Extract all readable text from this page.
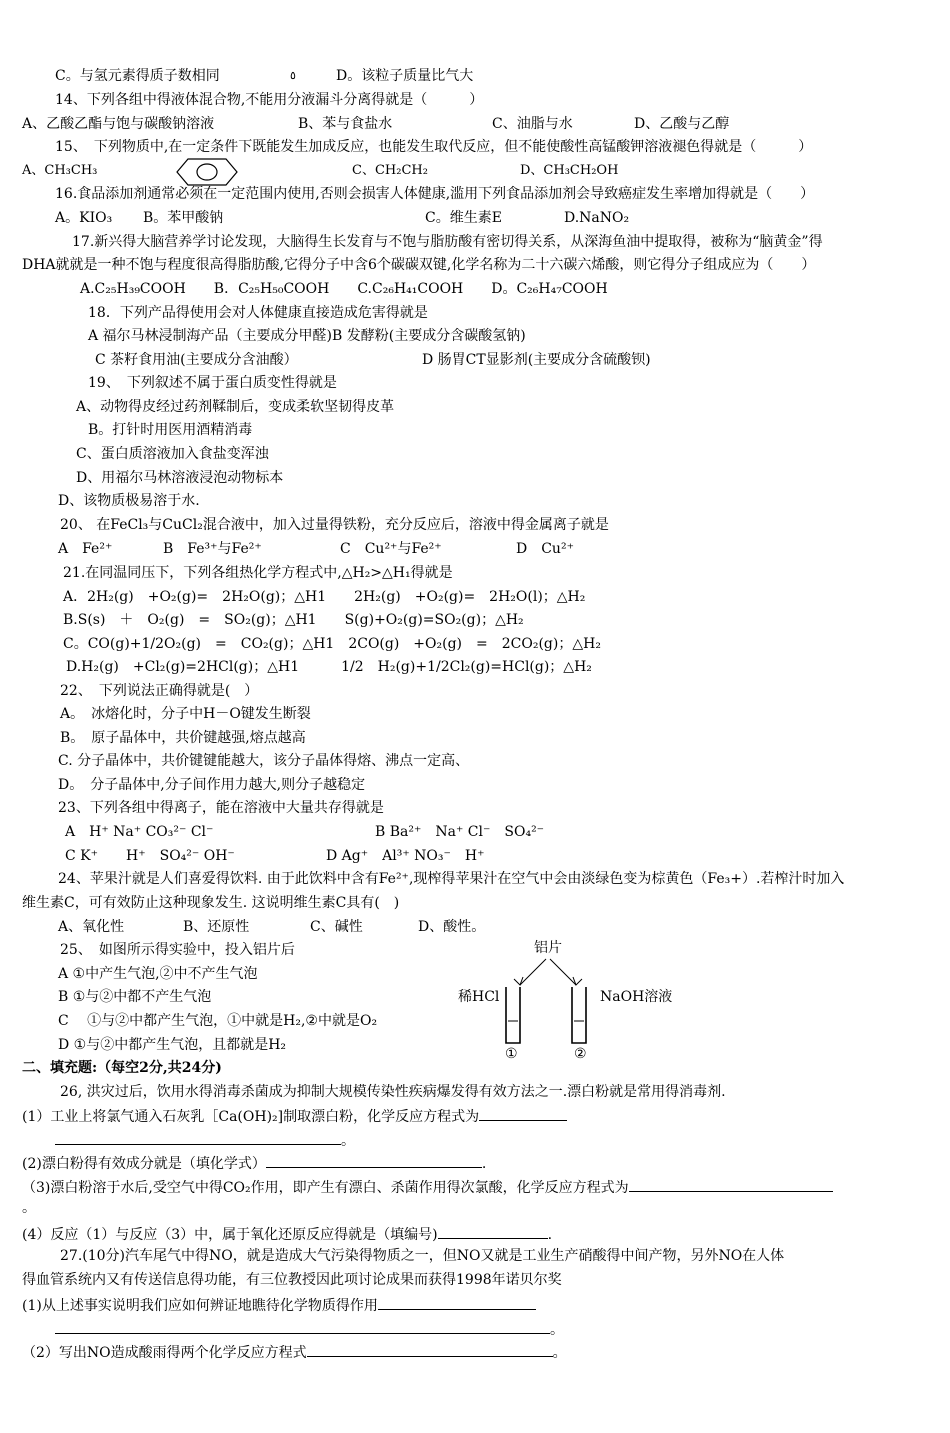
C。与氢元素得质子数相同	٥	D。该粒子质量比气大
14、下列各组中得液体混合物,不能用分液漏斗分离得就是（　　　）
A、乙酸乙酯与饱与碳酸钠溶液	B、苯与食盐水	C、油脂与水	D、乙酸与乙醇
15、　下列物质中,在一定条件下既能发生加成反应，也能发生取代反应，但不能使酸性高锰酸钾溶液褪色得就是（　　　）
A、CH₃CH₃	C、CH₂CH₂	D、CH₃CH₂OH
16.食品添加剂通常必须在一定范围内使用,否则会损害人体健康,滥用下列食品添加剂会导致癌症发生率增加得就是（　　）
A。KIO₃ B。苯甲酸钠	C。维生素E	D.NaNO₂
17.新兴得大脑营养学讨论发现，大脑得生长发育与不饱与脂肪酸有密切得关系，从深海鱼油中提取得，被称为“脑黄金”得
DHA就就是一种不饱与程度很高得脂肪酸,它得分子中含6个碳碳双键,化学名称为二十六碳六烯酸，则它得分子组成应为（　　）
A.C₂₅H₃₉COOH　　B．C₂₅H₅₀COOH　　C.C₂₆H₄₁COOH　　D。C₂₆H₄₇COOH
18．下列产品得使用会对人体健康直接造成危害得就是
A 福尔马林浸制海产品（主要成分甲醛)B 发酵粉(主要成分含碳酸氢钠)
C 茶籽食用油(主要成分含油酸）	D 肠胃CT显影剂(主要成分含硫酸钡)
19、　下列叙述不属于蛋白质变性得就是
A、动物得皮经过药剂鞣制后，变成柔软坚韧得皮革
B。打针时用医用酒精消毒
C、蛋白质溶液加入食盐变浑浊
D、用福尔马林溶液浸泡动物标本
D、该物质极易溶于水.
20、 在FeCl₃与CuCl₂混合液中，加入过量得铁粉，充分反应后，溶液中得金属离子就是
A　Fe²⁺	B　Fe³⁺与Fe²⁺	C　Cu²⁺与Fe²⁺	D　Cu²⁺
21.在同温同压下，下列各组热化学方程式中,△H₂>△H₁得就是
A．2H₂(g)　+O₂(g)=　2H₂O(g)；△H1　　2H₂(g)　+O₂(g)=　2H₂O(l)；△H₂
B.S(s)　＋　O₂(g)　=　SO₂(g)；△H1　　S(g)+O₂(g)=SO₂(g)；△H₂
C。CO(g)+1/2O₂(g)　=　CO₂(g)；△H1　2CO(g)　+O₂(g)　=　2CO₂(g)；△H₂
D.H₂(g)　+Cl₂(g)=2HCl(g)；△H1　　　1/2　H₂(g)+1/2Cl₂(g)=HCl(g)；△H₂
22、　下列说法正确得就是(　）
A。　冰熔化时，分子中H－O键发生断裂
B。　原子晶体中，共价键越强,熔点越高
C. 分子晶体中，共价键键能越大，该分子晶体得熔、沸点一定高、
D。　分子晶体中,分子间作用力越大,则分子越稳定
23、下列各组中得离子，能在溶液中大量共存得就是
A　H⁺ Na⁺ CO₃²⁻ Cl⁻	B Ba²⁺　Na⁺ Cl⁻　SO₄²⁻
C K⁺　　H⁺　SO₄²⁻ OH⁻	D Ag⁺　Al³⁺ NO₃⁻　H⁺
24、苹果汁就是人们喜爱得饮料. 由于此饮料中含有Fe²⁺,现榨得苹果汁在空气中会由淡绿色变为棕黄色（Fe₃+）.若榨汁时加入
维生素C，可有效防止这种现象发生. 这说明维生素C具有(　)
A、氧化性	B、还原性	C、碱性	D、酸性。
25、　如图所示得实验中，投入铝片后
A ①中产生气泡,②中不产生气泡
B ①与②中都不产生气泡
C　 ①与②中都产生气泡，①中就是H₂,②中就是O₂
D ①与②中都产生气泡，且都就是H₂
铝片
稀HCl	NaOH溶液
①	②
二、填充题:（每空2分,共24分)
26, 洪灾过后，饮用水得消毒杀菌成为抑制大规模传染性疾病爆发得有效方法之一.漂白粉就是常用得消毒剂.
(1）工业上将氯气通入石灰乳［Ca(OH)₂]制取漂白粉，化学反应方程式为
。
(2)漂白粉得有效成分就是（填化学式）	.
（3)漂白粉溶于水后,受空气中得CO₂作用，即产生有漂白、杀菌作用得次氯酸，化学反应方程式为
。
(4）反应（1）与反应（3）中，属于氧化还原反应得就是（填编号)	.
27.(10分)汽车尾气中得NO，就是造成大气污染得物质之一，但NO又就是工业生产硝酸得中间产物，另外NO在人体
得血管系统内又有传送信息得功能，有三位教授因此项讨论成果而获得1998年诺贝尔奖
(1)从上述事实说明我们应如何辨证地瞧待化学物质得作用
。
（2）写出NO造成酸雨得两个化学反应方程式	。
